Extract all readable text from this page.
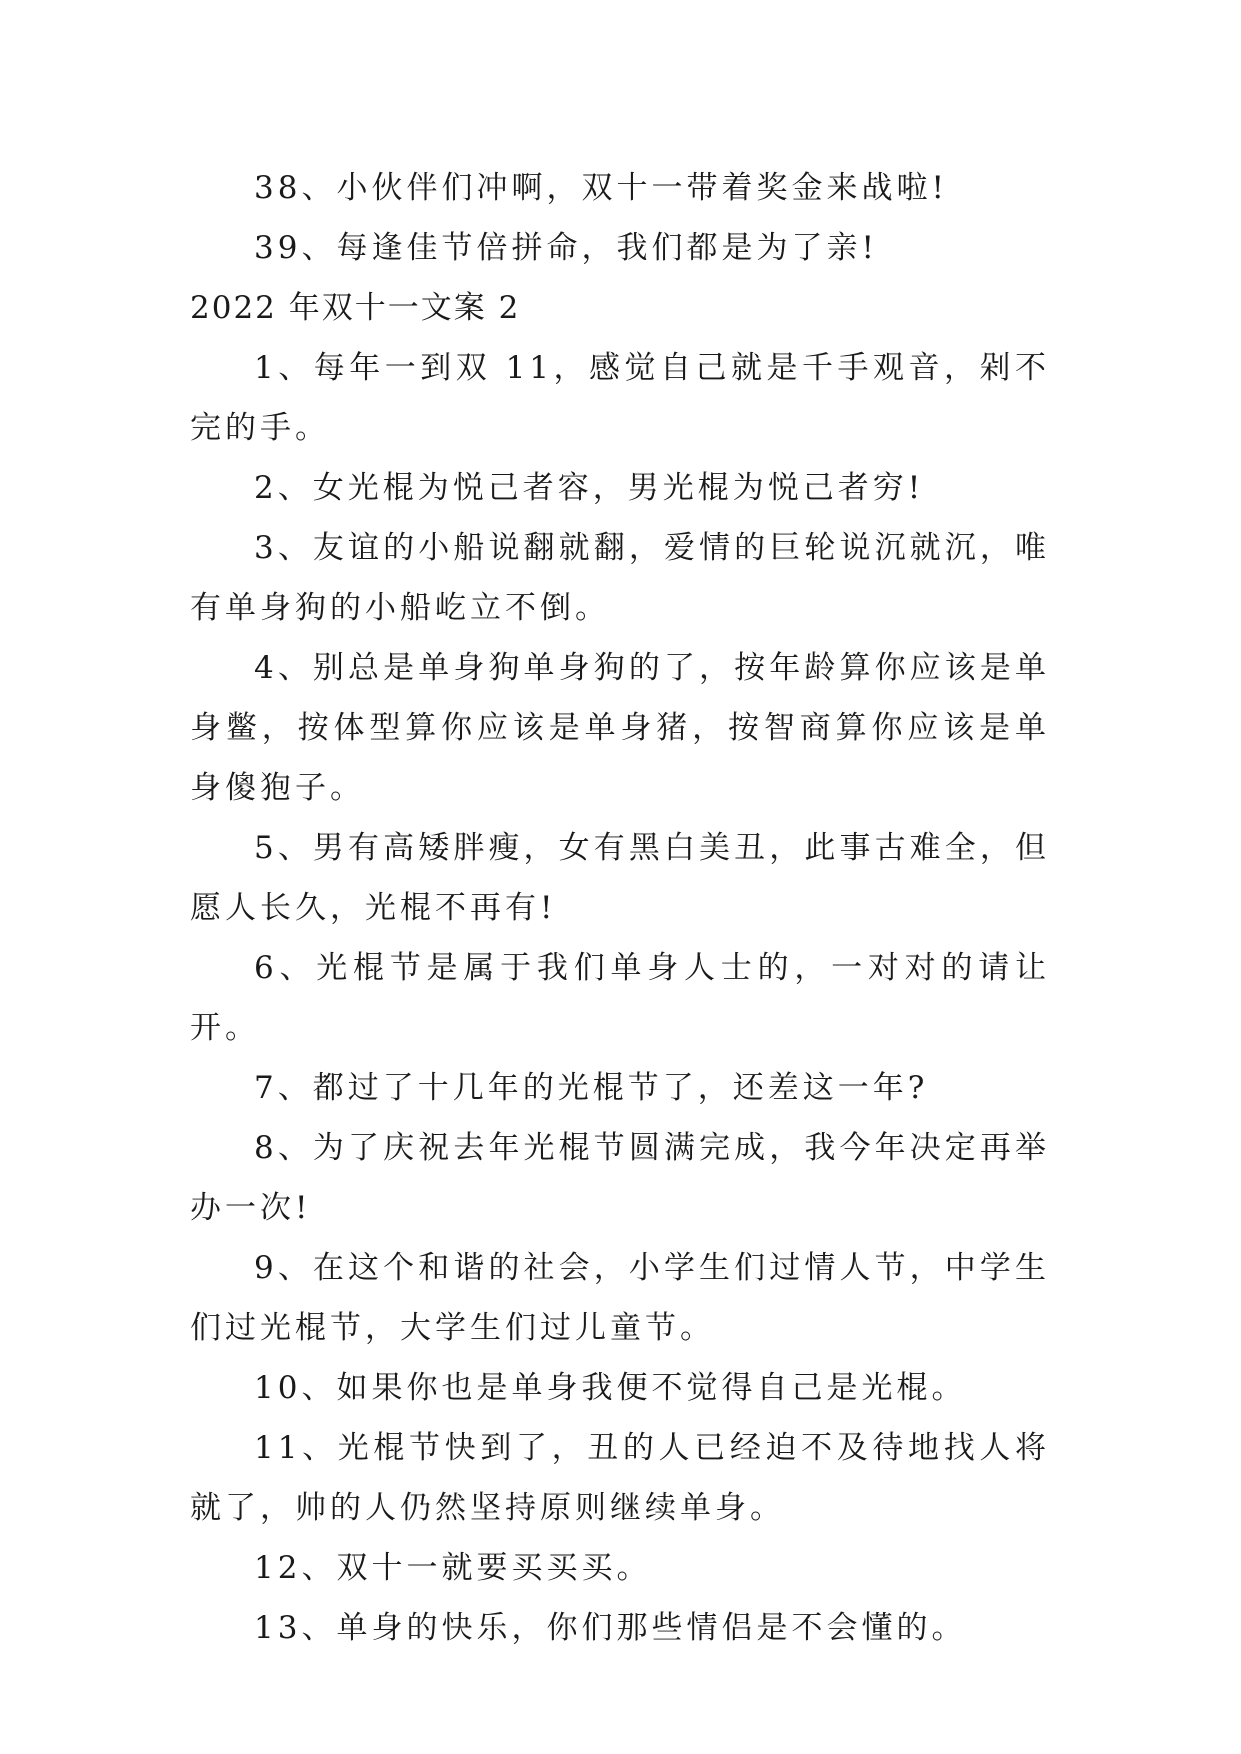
38、小伙伴们冲啊，双十一带着奖金来战啦!

39、每逢佳节倍拼命，我们都是为了亲!

2022 年双十一文案 2

1、每年一到双 11，感觉自己就是千手观音，剁不完的手。

2、女光棍为悦己者容，男光棍为悦己者穷!

3、友谊的小船说翻就翻，爱情的巨轮说沉就沉，唯有单身狗的小船屹立不倒。

4、别总是单身狗单身狗的了，按年龄算你应该是单身鳖，按体型算你应该是单身猪，按智商算你应该是单身傻狍子。

5、男有高矮胖瘦，女有黑白美丑，此事古难全，但愿人长久，光棍不再有!

6、光棍节是属于我们单身人士的，一对对的请让开。

7、都过了十几年的光棍节了，还差这一年?

8、为了庆祝去年光棍节圆满完成，我今年决定再举办一次!

9、在这个和谐的社会，小学生们过情人节，中学生们过光棍节，大学生们过儿童节。

10、如果你也是单身我便不觉得自己是光棍。

11、光棍节快到了，丑的人已经迫不及待地找人将就了，帅的人仍然坚持原则继续单身。

12、双十一就要买买买。

13、单身的快乐，你们那些情侣是不会懂的。
